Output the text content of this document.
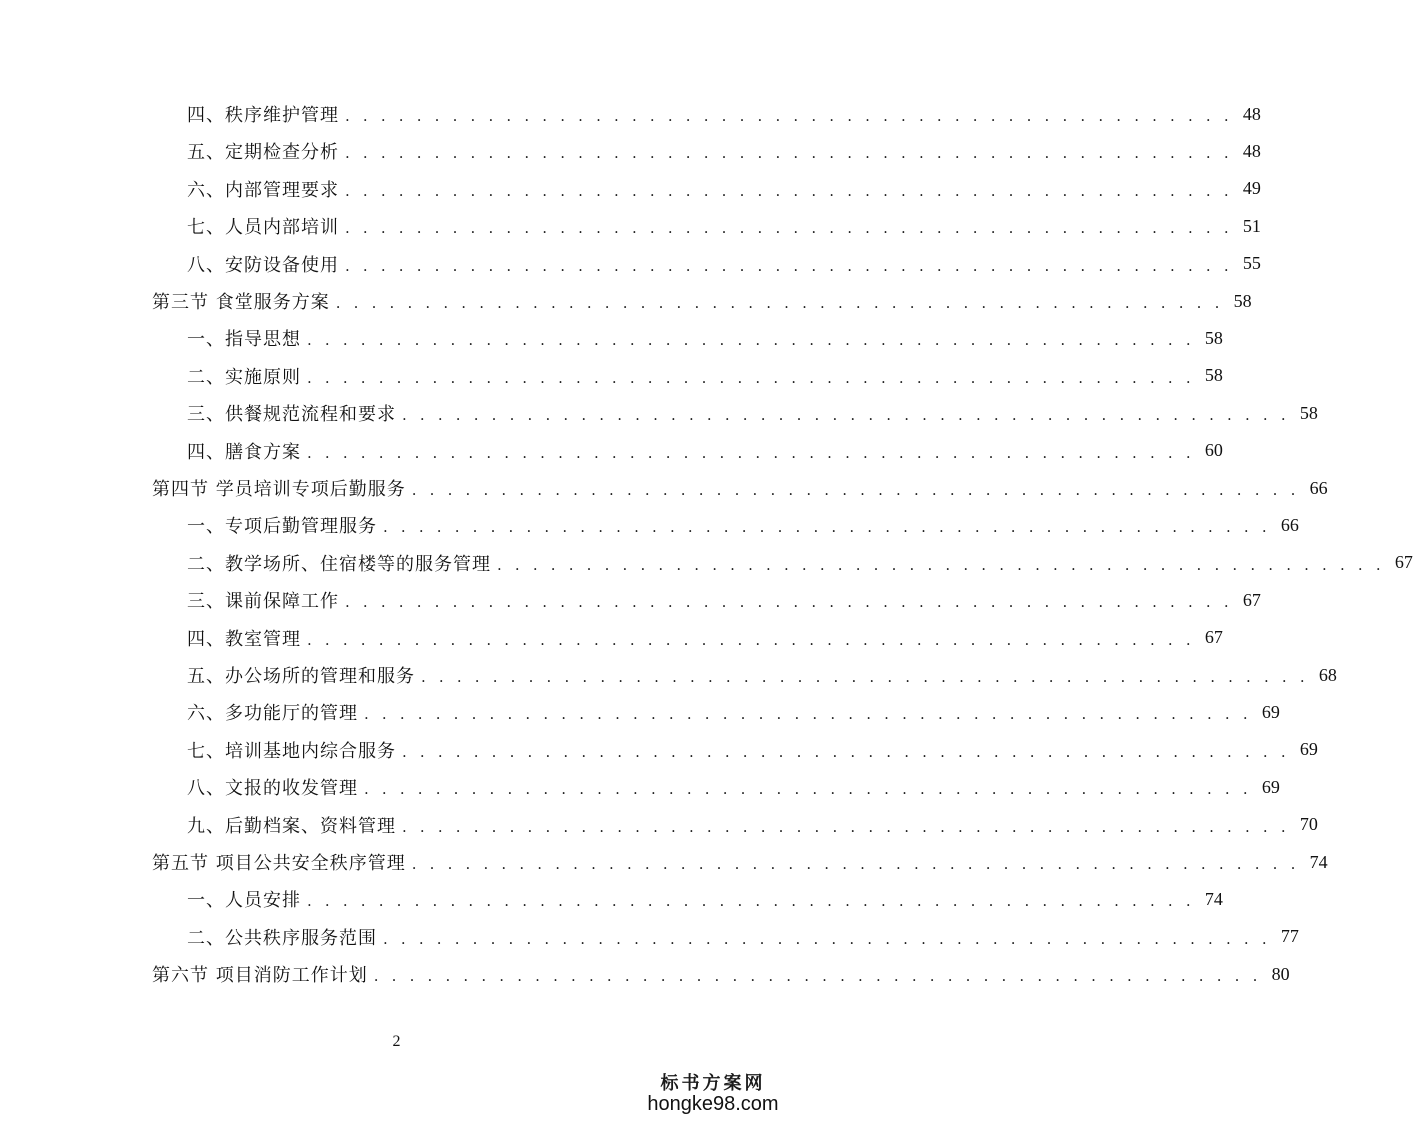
四、秩序维护管理 . . . . . . . . . . . . . . . . . . . . . . . . . . . . . . . . . . . . . . . . . . . . . . . . . . 48
五、定期检查分析 . . . . . . . . . . . . . . . . . . . . . . . . . . . . . . . . . . . . . . . . . . . . . . . . . . 48
六、内部管理要求 . . . . . . . . . . . . . . . . . . . . . . . . . . . . . . . . . . . . . . . . . . . . . . . . . . 49
七、人员内部培训 . . . . . . . . . . . . . . . . . . . . . . . . . . . . . . . . . . . . . . . . . . . . . . . . . . 51
八、安防设备使用 . . . . . . . . . . . . . . . . . . . . . . . . . . . . . . . . . . . . . . . . . . . . . . . . . . 55
第三节 食堂服务方案 . . . . . . . . . . . . . . . . . . . . . . . . . . . . . . . . . . . . . . . . . . . . . . . . . . 58
一、指导思想 . . . . . . . . . . . . . . . . . . . . . . . . . . . . . . . . . . . . . . . . . . . . . . . . . . 58
二、实施原则 . . . . . . . . . . . . . . . . . . . . . . . . . . . . . . . . . . . . . . . . . . . . . . . . . . 58
三、供餐规范流程和要求 . . . . . . . . . . . . . . . . . . . . . . . . . . . . . . . . . . . . . . . . . . . . . . . . . . 58
四、膳食方案 . . . . . . . . . . . . . . . . . . . . . . . . . . . . . . . . . . . . . . . . . . . . . . . . . . 60
第四节 学员培训专项后勤服务 . . . . . . . . . . . . . . . . . . . . . . . . . . . . . . . . . . . . . . . . . . . . . . . . . . 66
一、专项后勤管理服务 . . . . . . . . . . . . . . . . . . . . . . . . . . . . . . . . . . . . . . . . . . . . . . . . . . 66
二、教学场所、住宿楼等的服务管理 . . . . . . . . . . . . . . . . . . . . . . . . . . . . . . . . . . . . . . . . . . . . . . . . . . 67
三、课前保障工作 . . . . . . . . . . . . . . . . . . . . . . . . . . . . . . . . . . . . . . . . . . . . . . . . . . 67
四、教室管理 . . . . . . . . . . . . . . . . . . . . . . . . . . . . . . . . . . . . . . . . . . . . . . . . . . 67
五、办公场所的管理和服务 . . . . . . . . . . . . . . . . . . . . . . . . . . . . . . . . . . . . . . . . . . . . . . . . . . 68
六、多功能厅的管理 . . . . . . . . . . . . . . . . . . . . . . . . . . . . . . . . . . . . . . . . . . . . . . . . . . 69
七、培训基地内综合服务 . . . . . . . . . . . . . . . . . . . . . . . . . . . . . . . . . . . . . . . . . . . . . . . . . . 69
八、文报的收发管理 . . . . . . . . . . . . . . . . . . . . . . . . . . . . . . . . . . . . . . . . . . . . . . . . . . 69
九、后勤档案、资料管理 . . . . . . . . . . . . . . . . . . . . . . . . . . . . . . . . . . . . . . . . . . . . . . . . . . 70
第五节 项目公共安全秩序管理 . . . . . . . . . . . . . . . . . . . . . . . . . . . . . . . . . . . . . . . . . . . . . . . . . . 74
一、人员安排 . . . . . . . . . . . . . . . . . . . . . . . . . . . . . . . . . . . . . . . . . . . . . . . . . . 74
二、公共秩序服务范围 . . . . . . . . . . . . . . . . . . . . . . . . . . . . . . . . . . . . . . . . . . . . . . . . . . 77
第六节 项目消防工作计划 . . . . . . . . . . . . . . . . . . . . . . . . . . . . . . . . . . . . . . . . . . . . . . . . . . 80
2
标书方案网
hongke98.com
